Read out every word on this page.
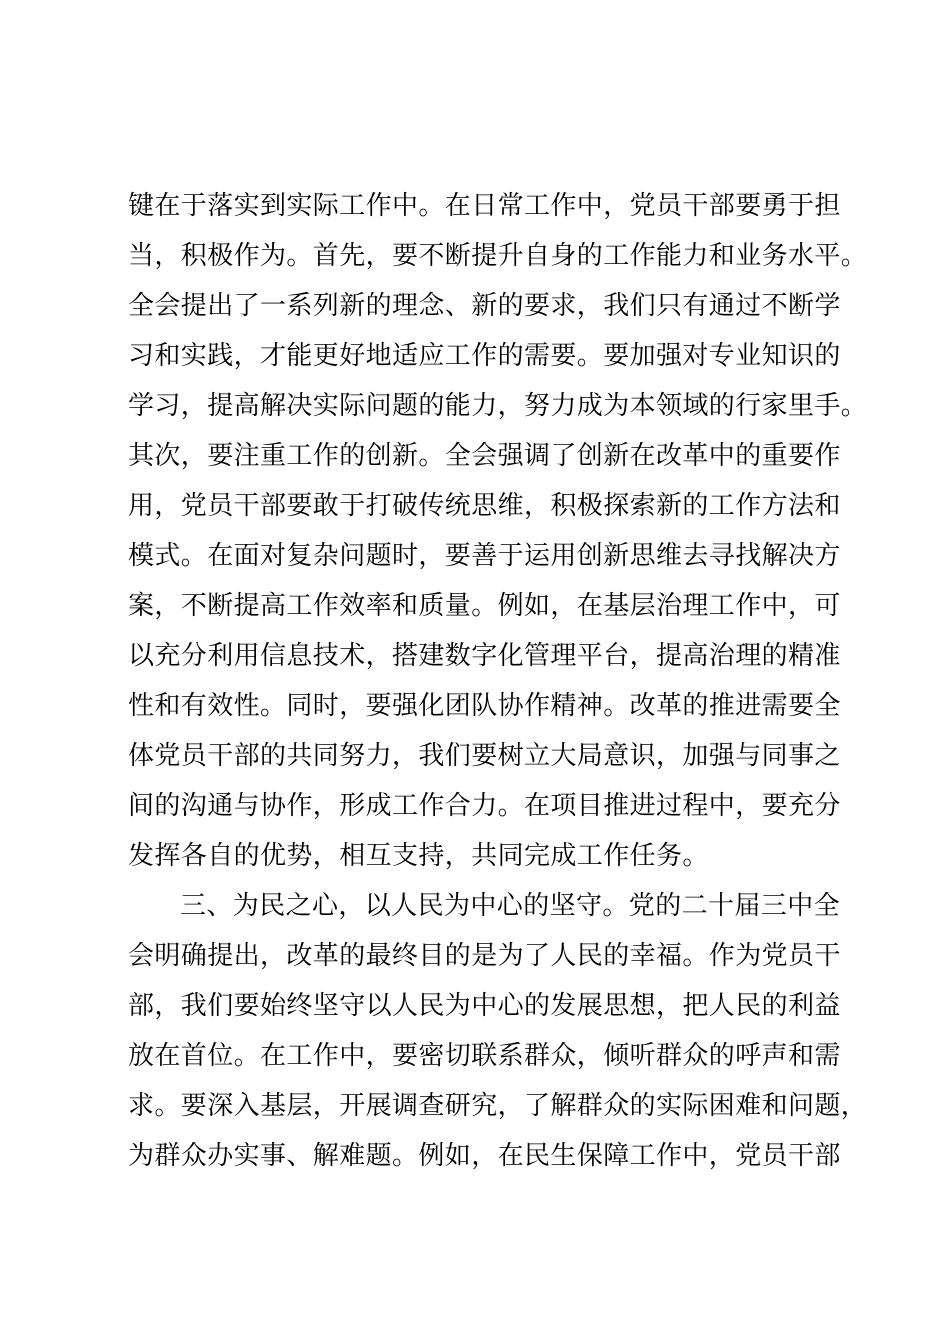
键在于落实到实际工作中。在日常工作中，党员干部要勇于担
当，积极作为。首先，要不断提升自身的工作能力和业务水平。
全会提出了一系列新的理念、新的要求，我们只有通过不断学
习和实践，才能更好地适应工作的需要。要加强对专业知识的
学习，提高解决实际问题的能力，努力成为本领域的行家里手。
其次，要注重工作的创新。全会强调了创新在改革中的重要作
用，党员干部要敢于打破传统思维，积极探索新的工作方法和
模式。在面对复杂问题时，要善于运用创新思维去寻找解决方
案，不断提高工作效率和质量。例如，在基层治理工作中，可
以充分利用信息技术，搭建数字化管理平台，提高治理的精准
性和有效性。同时，要强化团队协作精神。改革的推进需要全
体党员干部的共同努力，我们要树立大局意识，加强与同事之
间的沟通与协作，形成工作合力。在项目推进过程中，要充分
发挥各自的优势，相互支持，共同完成工作任务。
三、为民之心，以人民为中心的坚守。党的二十届三中全
会明确提出，改革的最终目的是为了人民的幸福。作为党员干
部，我们要始终坚守以人民为中心的发展思想，把人民的利益
放在首位。在工作中，要密切联系群众，倾听群众的呼声和需
求。要深入基层，开展调查研究，了解群众的实际困难和问题，
为群众办实事、解难题。例如，在民生保障工作中，党员干部
